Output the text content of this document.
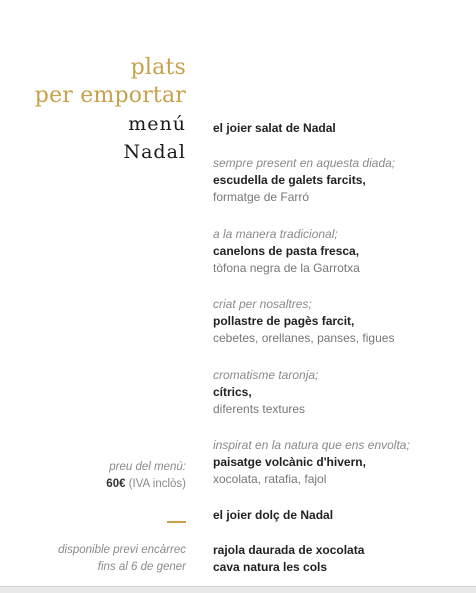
plats
per emportar
menú
Nadal
el joier salat de Nadal
sempre present en aquesta diada;
escudella de galets farcits,
formatge de Farró
a la manera tradicional;
canelons de pasta fresca,
tòfona negra de la Garrotxa
criat per nosaltres;
pollastre de pagès farcit,
cebetes, orellanes, panses, figues
cromatisme taronja;
cítrics,
diferents textures
inspirat en la natura que ens envolta;
paisatge volcànic d'hivern,
xocolata, ratafia, fajol
preu del menú:
60€ (IVA inclòs)
el joier dolç de Nadal
disponible previ encàrrec
fins al 6 de gener
rajola daurada de xocolata
cava natura les cols
